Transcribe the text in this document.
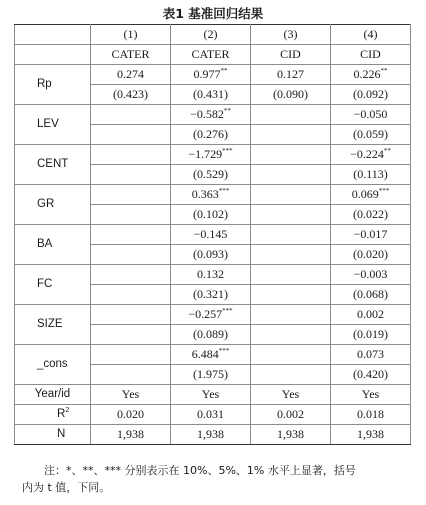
表1 基准回归结果
	(1)	(2)	(3)	(4)
	CATER	CATER	CID	CID
Rp	0.274	0.977**	0.127	0.226**
	(0.423)	(0.431)	(0.090)	(0.092)
LEV		−0.582**		−0.050
		(0.276)		(0.059)
CENT		−1.729***		−0.224**
		(0.529)		(0.113)
GR		0.363***		0.069***
		(0.102)		(0.022)
BA		−0.145		−0.017
		(0.093)		(0.020)
FC		0.132		−0.003
		(0.321)		(0.068)
SIZE		−0.257***		0.002
		(0.089)		(0.019)
_cons		6.484***		0.073
		(1.975)		(0.420)
Year/id	Yes	Yes	Yes	Yes
$R^2$	0.020	0.031	0.002	0.018
N	1,938	1,938	1,938	1,938
注：*、**、*** 分别表示在 10%、5%、1% 水平上显著，括号
内为 t 值，下同。
